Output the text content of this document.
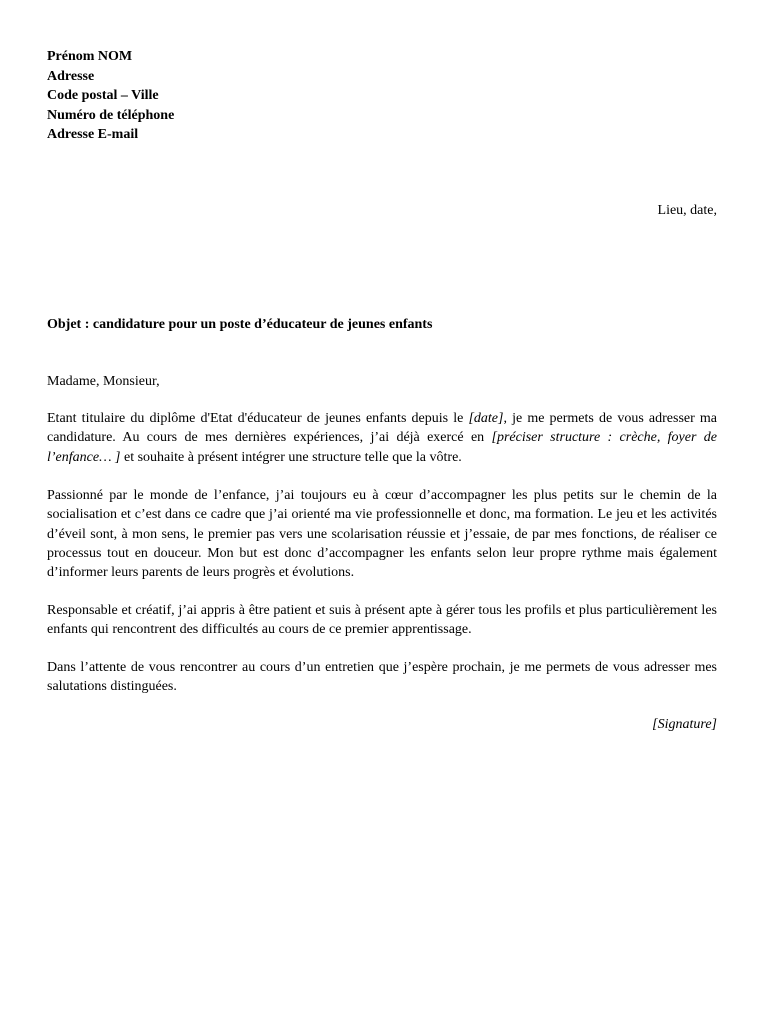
Prénom NOM
Adresse
Code postal – Ville
Numéro de téléphone
Adresse E-mail
Lieu, date,
Objet : candidature pour un poste d’éducateur de jeunes enfants
Madame, Monsieur,

Etant titulaire du diplôme d'Etat d'éducateur de jeunes enfants depuis le [date], je me permets de vous adresser ma candidature. Au cours de mes dernières expériences, j’ai déjà exercé en [préciser structure : crèche, foyer de l’enfance… ] et souhaite à présent intégrer une structure telle que la vôtre.

Passionné par le monde de l’enfance, j’ai toujours eu à cœur d’accompagner les plus petits sur le chemin de la socialisation et c’est dans ce cadre que j’ai orienté ma vie professionnelle et donc, ma formation. Le jeu et les activités d’éveil sont, à mon sens, le premier pas vers une scolarisation réussie et j’essaie, de par mes fonctions, de réaliser ce processus tout en douceur. Mon but est donc d’accompagner les enfants selon leur propre rythme mais également d’informer leurs parents de leurs progrès et évolutions.

Responsable et créatif, j’ai appris à être patient et suis à présent apte à gérer tous les profils et plus particulièrement les enfants qui rencontrent des difficultés au cours de ce premier apprentissage.

Dans l’attente de vous rencontrer au cours d’un entretien que j’espère prochain, je me permets de vous adresser mes salutations distinguées.

[Signature]
